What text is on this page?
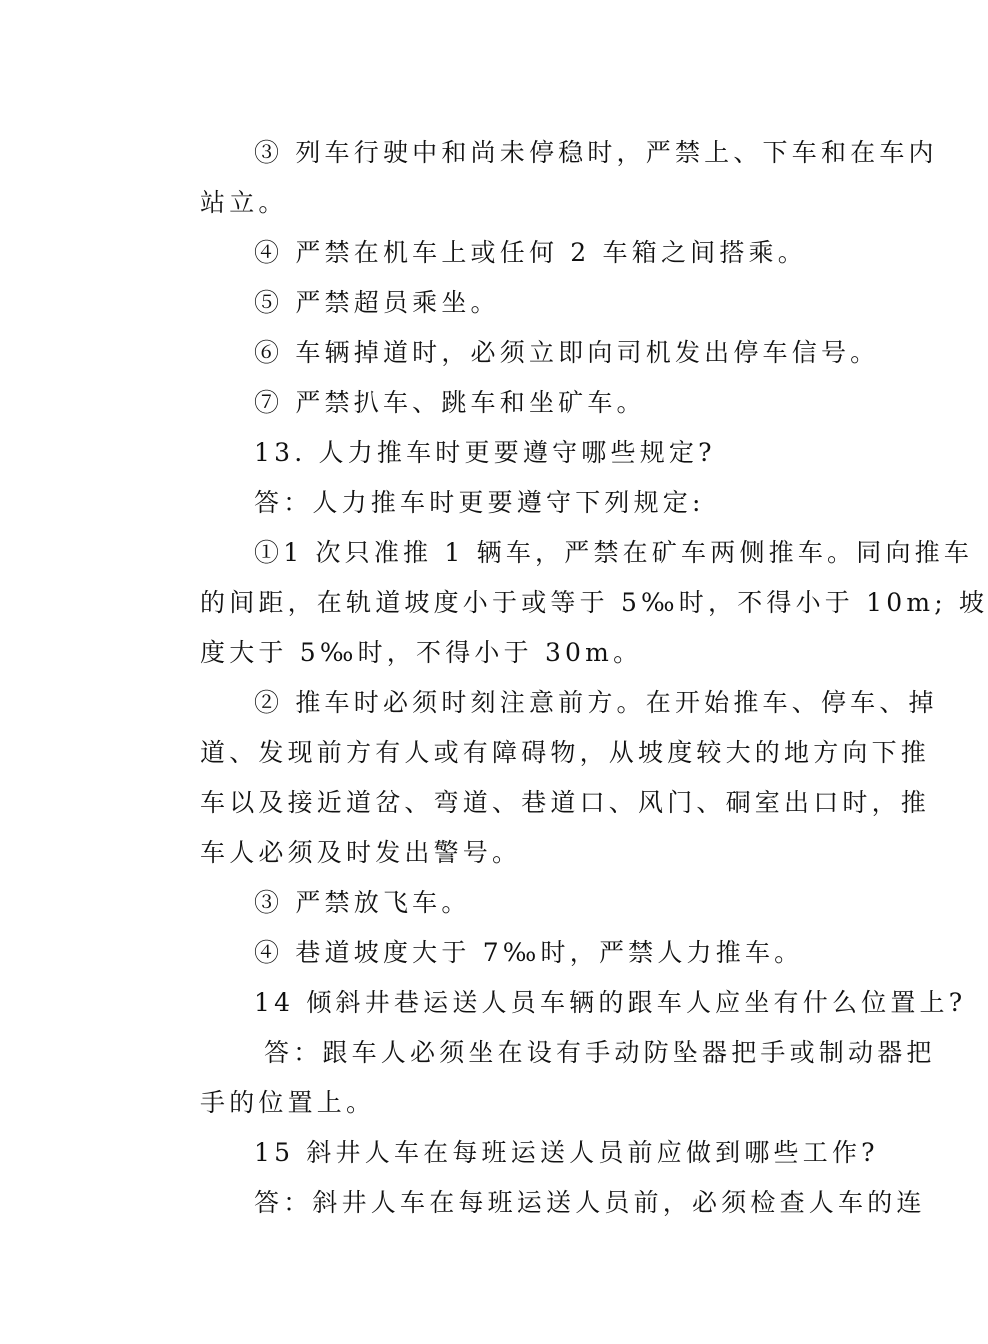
③ 列车行驶中和尚未停稳时，严禁上、下车和在车内
站立。
④ 严禁在机车上或任何 2 车箱之间搭乘。
⑤ 严禁超员乘坐。
⑥ 车辆掉道时，必须立即向司机发出停车信号。
⑦ 严禁扒车、跳车和坐矿车。
13. 人力推车时更要遵守哪些规定?
答：人力推车时更要遵守下列规定:
①1 次只准推 1 辆车，严禁在矿车两侧推车。同向推车
的间距，在轨道坡度小于或等于 5‰时，不得小于 10m; 坡
度大于 5‰时，不得小于 30m。
② 推车时必须时刻注意前方。在开始推车、停车、掉
道、发现前方有人或有障碍物，从坡度较大的地方向下推
车以及接近道岔、弯道、巷道口、风门、硐室出口时，推
车人必须及时发出警号。
③ 严禁放飞车。
④ 巷道坡度大于 7‰时，严禁人力推车。
14 倾斜井巷运送人员车辆的跟车人应坐有什么位置上?
答：跟车人必须坐在设有手动防坠器把手或制动器把
手的位置上。
15 斜井人车在每班运送人员前应做到哪些工作?
答：斜井人车在每班运送人员前，必须检查人车的连
